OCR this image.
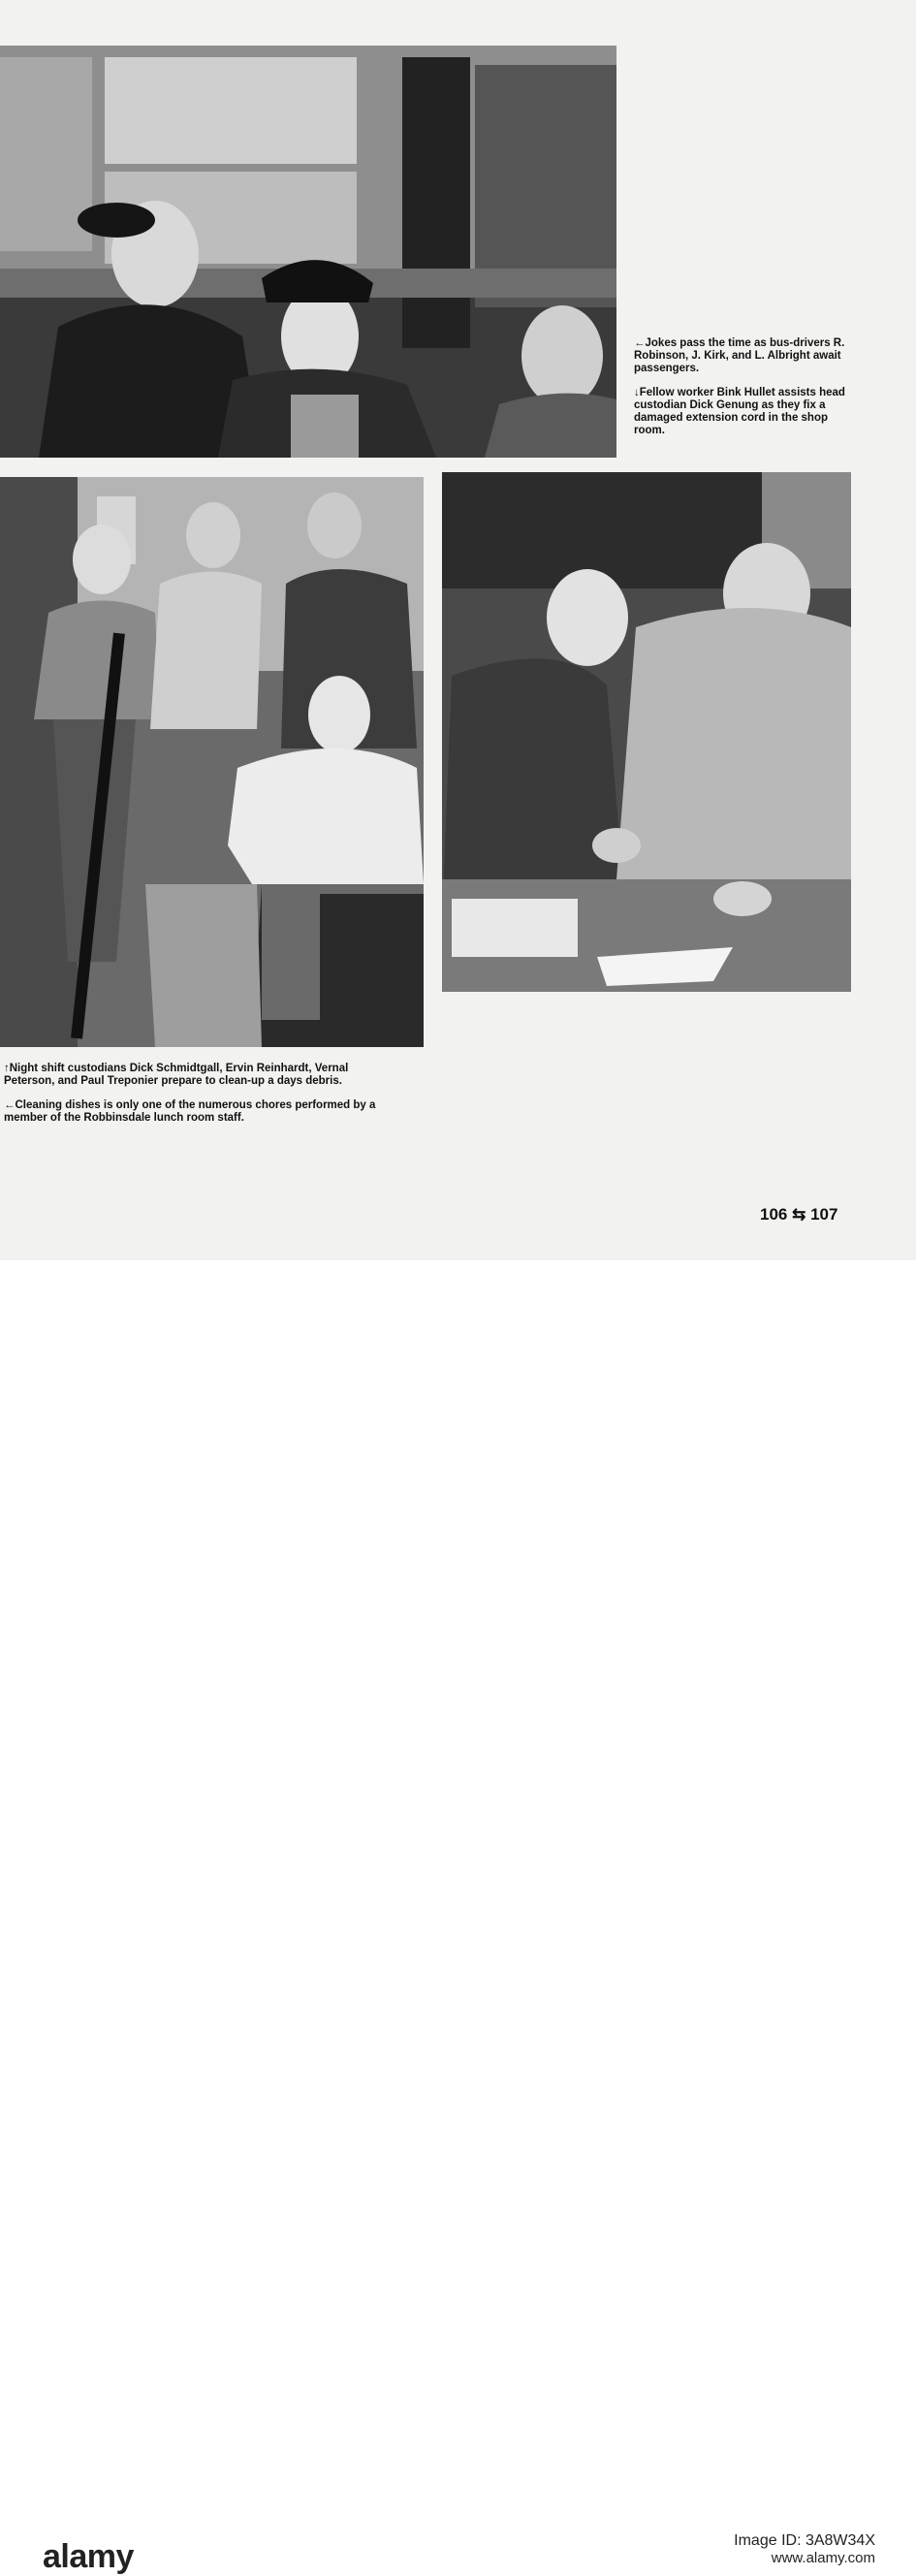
←Jokes pass the time as bus-drivers R. Robinson, J. Kirk, and L. Albright await passengers.

↓Fellow worker Bink Hullet assists head custodian Dick Genung as they fix a damaged extension cord in the shop room.

↑Night shift custodians Dick Schmidtgall, Ervin Reinhardt, Vernal Peterson, and Paul Treponier prepare to clean-up a days debris.

←Cleaning dishes is only one of the numerous chores performed by a member of the Robbinsdale lunch room staff.

106 ⇆ 107
alamy	Image ID: 3A8W34X
www.alamy.com
